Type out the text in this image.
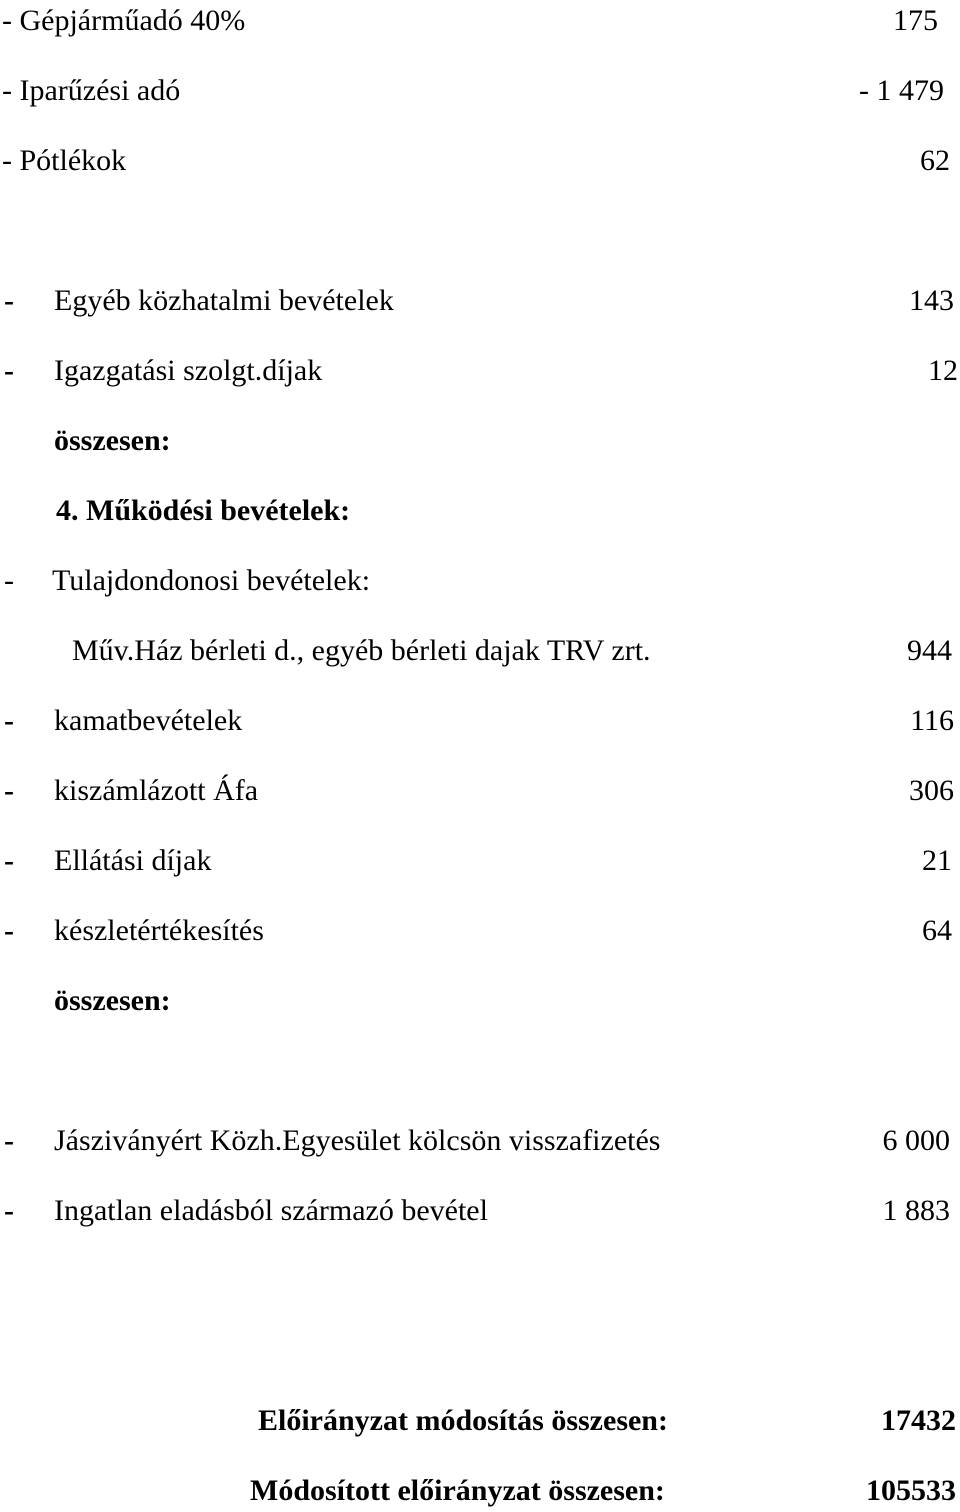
- Gépjárműadó 40%	175
- Iparűzési adó	- 1 479
- Pótlékok	62
- Egyéb közhatalmi bevételek	143
- Igazgatási szolgt.díjak	12
összesen:
4. Működési bevételek:
- Tulajdondonosi bevételek:
Műv.Ház bérleti d., egyéb bérleti dajak TRV zrt.	944
- kamatbevételek	116
- kiszámlázott Áfa	306
- Ellátási díjak	21
- készletértékesítés	64
összesen:
- Jásziványért Közh.Egyesület kölcsön visszafizetés	6 000
- Ingatlan eladásból származó bevétel	1 883
Előirányzat módosítás összesen:	17432
Módosított előirányzat összesen:	105533
